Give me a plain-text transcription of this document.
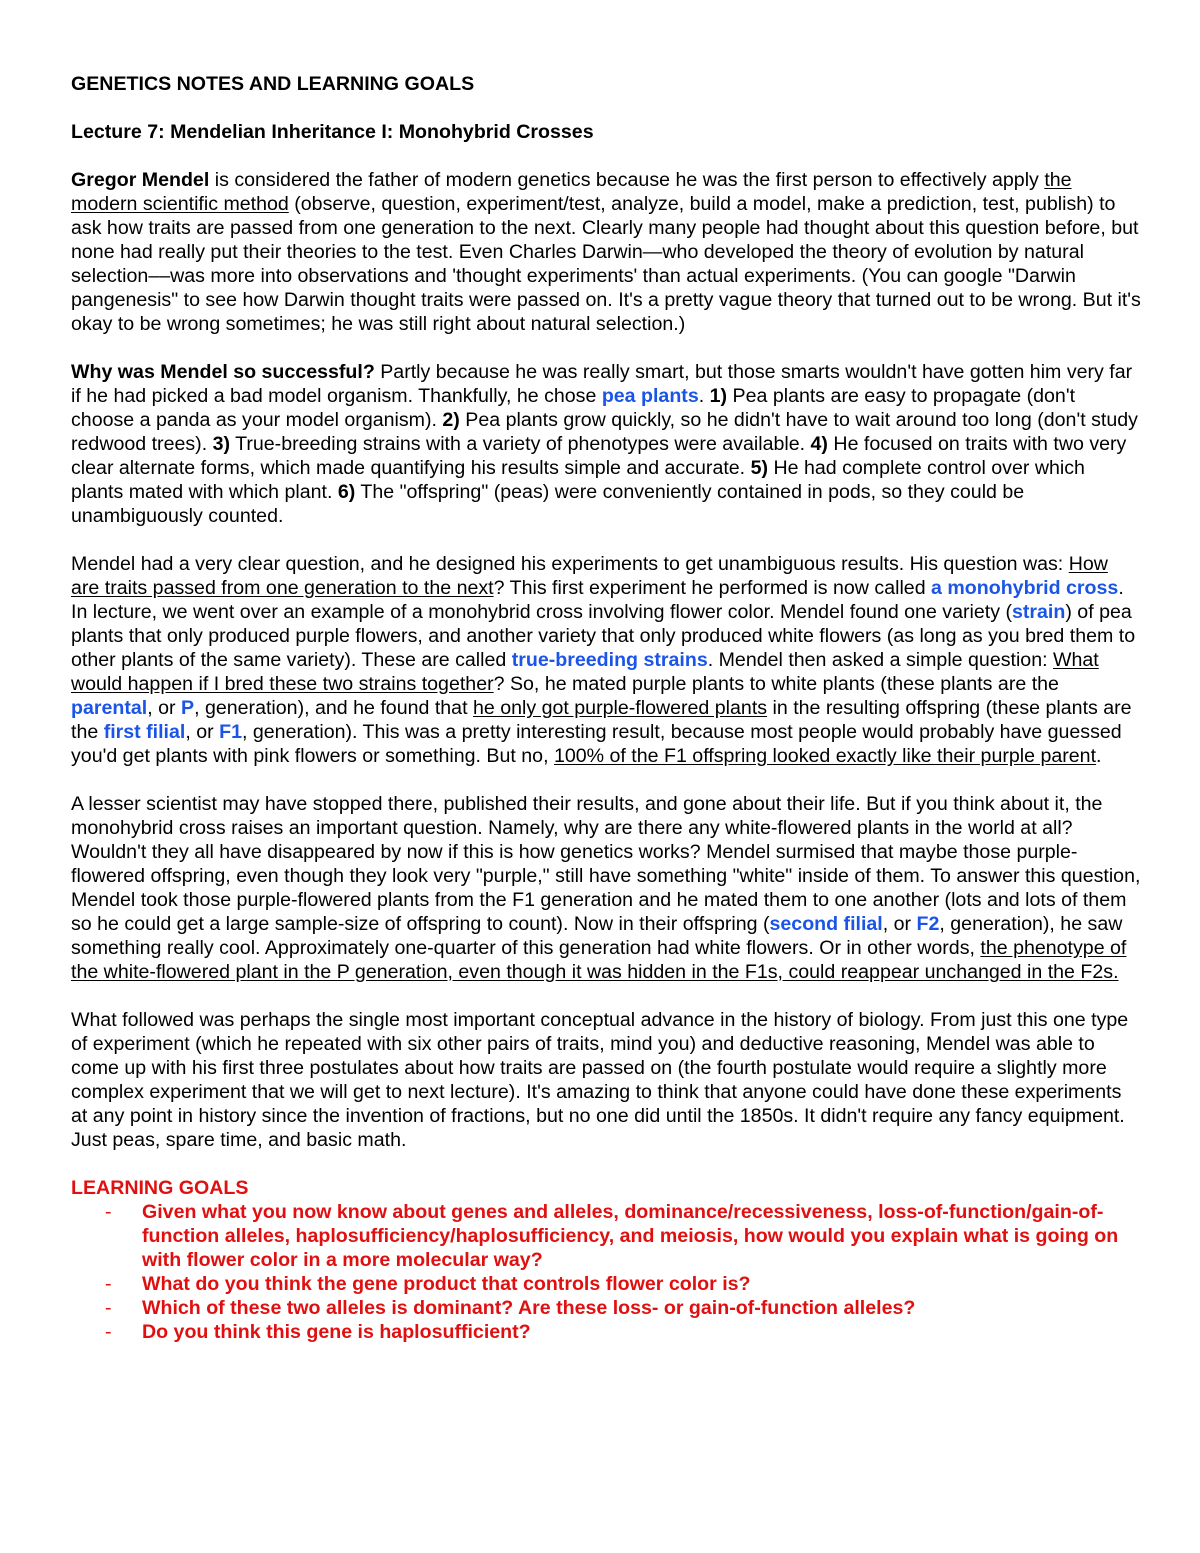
GENETICS NOTES AND LEARNING GOALS
Lecture 7: Mendelian Inheritance I: Monohybrid Crosses

Gregor Mendel is considered the father of modern genetics because he was the first person to effectively apply the modern scientific method (observe, question, experiment/test, analyze, build a model, make a prediction, test, publish) to ask how traits are passed from one generation to the next. Clearly many people had thought about this question before, but none had really put their theories to the test. Even Charles Darwin—who developed the theory of evolution by natural selection––was more into observations and 'thought experiments' than actual experiments. (You can google "Darwin pangenesis" to see how Darwin thought traits were passed on. It's a pretty vague theory that turned out to be wrong. But it's okay to be wrong sometimes; he was still right about natural selection.)

Why was Mendel so successful? Partly because he was really smart, but those smarts wouldn't have gotten him very far if he had picked a bad model organism. Thankfully, he chose pea plants. 1) Pea plants are easy to propagate (don't choose a panda as your model organism). 2) Pea plants grow quickly, so he didn't have to wait around too long (don't study redwood trees). 3) True-breeding strains with a variety of phenotypes were available. 4) He focused on traits with two very clear alternate forms, which made quantifying his results simple and accurate. 5) He had complete control over which plants mated with which plant. 6) The "offspring" (peas) were conveniently contained in pods, so they could be unambiguously counted.

Mendel had a very clear question, and he designed his experiments to get unambiguous results. His question was: How are traits passed from one generation to the next? This first experiment he performed is now called a monohybrid cross. In lecture, we went over an example of a monohybrid cross involving flower color. Mendel found one variety (strain) of pea plants that only produced purple flowers, and another variety that only produced white flowers (as long as you bred them to other plants of the same variety). These are called true-breeding strains. Mendel then asked a simple question: What would happen if I bred these two strains together? So, he mated purple plants to white plants (these plants are the parental, or P, generation), and he found that he only got purple-flowered plants in the resulting offspring (these plants are the first filial, or F1, generation). This was a pretty interesting result, because most people would probably have guessed you'd get plants with pink flowers or something. But no, 100% of the F1 offspring looked exactly like their purple parent.

A lesser scientist may have stopped there, published their results, and gone about their life. But if you think about it, the monohybrid cross raises an important question. Namely, why are there any white-flowered plants in the world at all? Wouldn't they all have disappeared by now if this is how genetics works? Mendel surmised that maybe those purple-flowered offspring, even though they look very "purple," still have something "white" inside of them. To answer this question, Mendel took those purple-flowered plants from the F1 generation and he mated them to one another (lots and lots of them so he could get a large sample-size of offspring to count). Now in their offspring (second filial, or F2, generation), he saw something really cool. Approximately one-quarter of this generation had white flowers. Or in other words, the phenotype of the white-flowered plant in the P generation, even though it was hidden in the F1s, could reappear unchanged in the F2s.

What followed was perhaps the single most important conceptual advance in the history of biology. From just this one type of experiment (which he repeated with six other pairs of traits, mind you) and deductive reasoning, Mendel was able to come up with his first three postulates about how traits are passed on (the fourth postulate would require a slightly more complex experiment that we will get to next lecture). It's amazing to think that anyone could have done these experiments at any point in history since the invention of fractions, but no one did until the 1850s. It didn't require any fancy equipment. Just peas, spare time, and basic math.

LEARNING GOALS
- Given what you now know about genes and alleles, dominance/recessiveness, loss-of-function/gain-of-function alleles, haplosufficiency/haplosufficiency, and meiosis, how would you explain what is going on with flower color in a more molecular way?
- What do you think the gene product that controls flower color is?
- Which of these two alleles is dominant? Are these loss- or gain-of-function alleles?
- Do you think this gene is haplosufficient?
